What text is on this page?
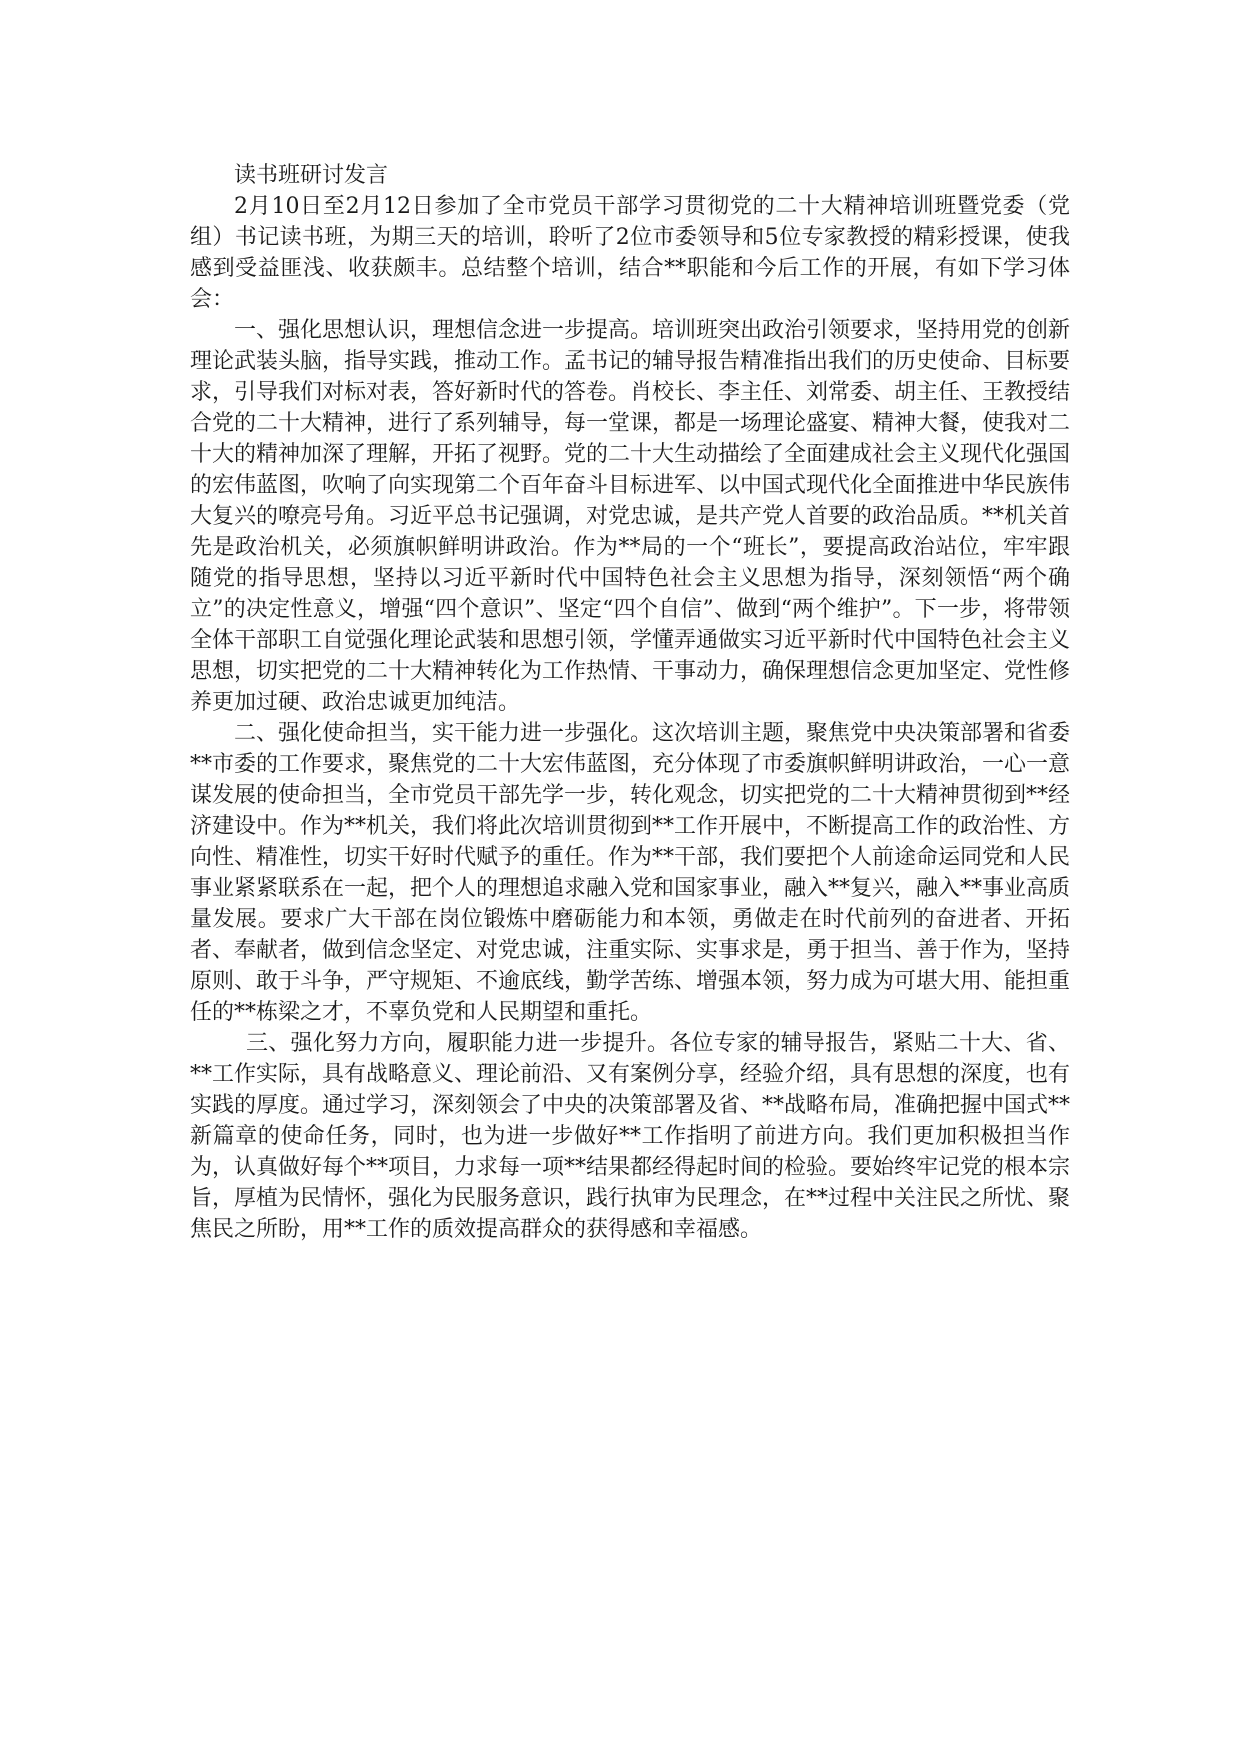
读书班研讨发言

2月10日至2月12日参加了全市党员干部学习贯彻党的二十大精神培训班暨党委（党组）书记读书班，为期三天的培训，聆听了2位市委领导和5位专家教授的精彩授课，使我感到受益匪浅、收获颇丰。总结整个培训，结合**职能和今后工作的开展，有如下学习体会：

一、强化思想认识，理想信念进一步提高。培训班突出政治引领要求，坚持用党的创新理论武装头脑，指导实践，推动工作。孟书记的辅导报告精准指出我们的历史使命、目标要求，引导我们对标对表，答好新时代的答卷。肖校长、李主任、刘常委、胡主任、王教授结合党的二十大精神，进行了系列辅导，每一堂课，都是一场理论盛宴、精神大餐，使我对二十大的精神加深了理解，开拓了视野。党的二十大生动描绘了全面建成社会主义现代化强国的宏伟蓝图，吹响了向实现第二个百年奋斗目标进军、以中国式现代化全面推进中华民族伟大复兴的嘹亮号角。习近平总书记强调，对党忠诚，是共产党人首要的政治品质。**机关首先是政治机关，必须旗帜鲜明讲政治。作为**局的一个“班长”，要提高政治站位，牢牢跟随党的指导思想，坚持以习近平新时代中国特色社会主义思想为指导，深刻领悟“两个确立”的决定性意义，增强“四个意识”、坚定“四个自信”、做到“两个维护”。下一步，将带领全体干部职工自觉强化理论武装和思想引领，学懂弄通做实习近平新时代中国特色社会主义思想，切实把党的二十大精神转化为工作热情、干事动力，确保理想信念更加坚定、党性修养更加过硬、政治忠诚更加纯洁。

二、强化使命担当，实干能力进一步强化。这次培训主题，聚焦党中央决策部署和省委**市委的工作要求，聚焦党的二十大宏伟蓝图，充分体现了市委旗帜鲜明讲政治，一心一意谋发展的使命担当，全市党员干部先学一步，转化观念，切实把党的二十大精神贯彻到**经济建设中。作为**机关，我们将此次培训贯彻到**工作开展中，不断提高工作的政治性、方向性、精准性，切实干好时代赋予的重任。作为**干部，我们要把个人前途命运同党和人民事业紧紧联系在一起，把个人的理想追求融入党和国家事业，融入**复兴，融入**事业高质量发展。要求广大干部在岗位锻炼中磨砺能力和本领，勇做走在时代前列的奋进者、开拓者、奉献者，做到信念坚定、对党忠诚，注重实际、实事求是，勇于担当、善于作为，坚持原则、敢于斗争，严守规矩、不逾底线，勤学苦练、增强本领，努力成为可堪大用、能担重任的**栋梁之才，不辜负党和人民期望和重托。

三、强化努力方向，履职能力进一步提升。各位专家的辅导报告，紧贴二十大、省、**工作实际，具有战略意义、理论前沿、又有案例分享，经验介绍，具有思想的深度，也有实践的厚度。通过学习，深刻领会了中央的决策部署及省、**战略布局，准确把握中国式**新篇章的使命任务，同时，也为进一步做好**工作指明了前进方向。我们更加积极担当作为，认真做好每个**项目，力求每一项**结果都经得起时间的检验。要始终牢记党的根本宗旨，厚植为民情怀，强化为民服务意识，践行执审为民理念，在**过程中关注民之所忧、聚焦民之所盼，用**工作的质效提高群众的获得感和幸福感。
